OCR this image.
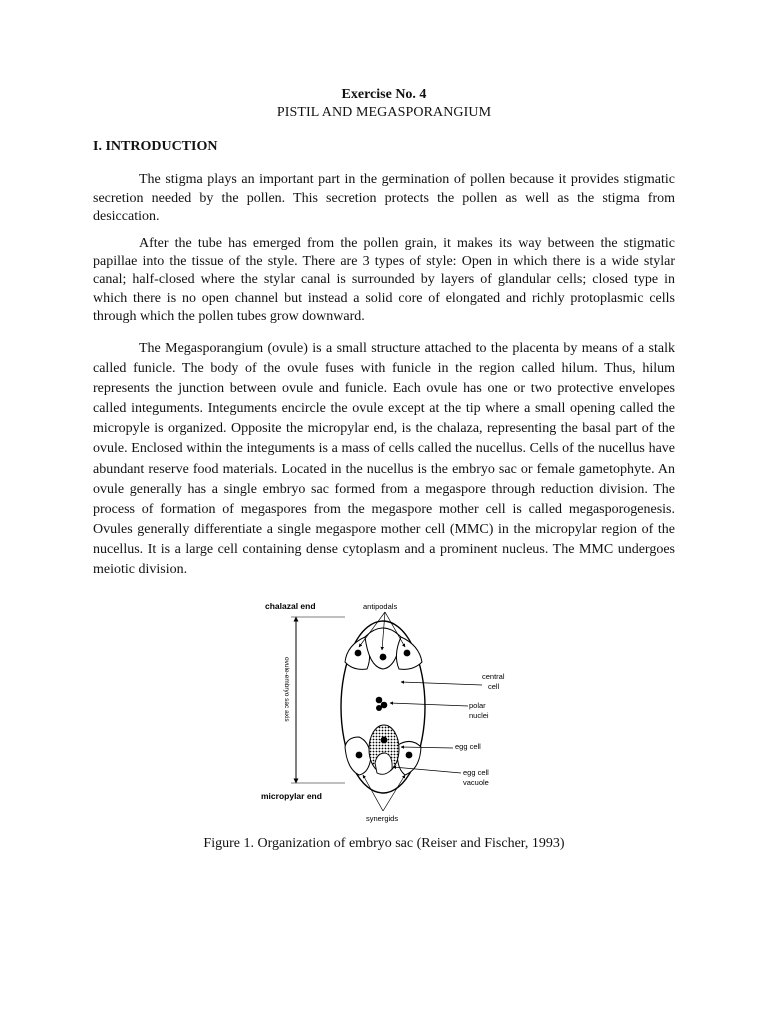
Exercise No. 4
PISTIL AND MEGASPORANGIUM
I. INTRODUCTION

The stigma plays an important part in the germination of pollen because it provides stigmatic secretion needed by the pollen. This secretion protects the pollen as well as the stigma from desiccation.

After the tube has emerged from the pollen grain, it makes its way between the stigmatic papillae into the tissue of the style. There are 3 types of style: Open in which there is a wide stylar canal; half-closed where the stylar canal is surrounded by layers of glandular cells; closed type in which there is no open channel but instead a solid core of elongated and richly protoplasmic cells through which the pollen tubes grow downward.

The Megasporangium (ovule) is a small structure attached to the placenta by means of a stalk called funicle. The body of the ovule fuses with funicle in the region called hilum. Thus, hilum represents the junction between ovule and funicle. Each ovule has one or two protective envelopes called integuments. Integuments encircle the ovule except at the tip where a small opening called the micropyle is organized. Opposite the micropylar end, is the chalaza, representing the basal part of the ovule. Enclosed within the integuments is a mass of cells called the nucellus. Cells of the nucellus have abundant reserve food materials. Located in the nucellus is the embryo sac or female gametophyte. An ovule generally has a single embryo sac formed from a megaspore through reduction division. The process of formation of megaspores from the megaspore mother cell is called megasporogenesis. Ovules generally differentiate a single megaspore mother cell (MMC) in the micropylar region of the nucellus. It is a large cell containing dense cytoplasm and a prominent nucleus. The MMC undergoes meiotic division.

chalazal end
micropylar end
ovule-embryo sac axis
antipodals
central
cell
polar
nuclei
egg cell
egg cell
vacuole
synergids
Figure 1. Organization of embryo sac (Reiser and Fischer, 1993)
